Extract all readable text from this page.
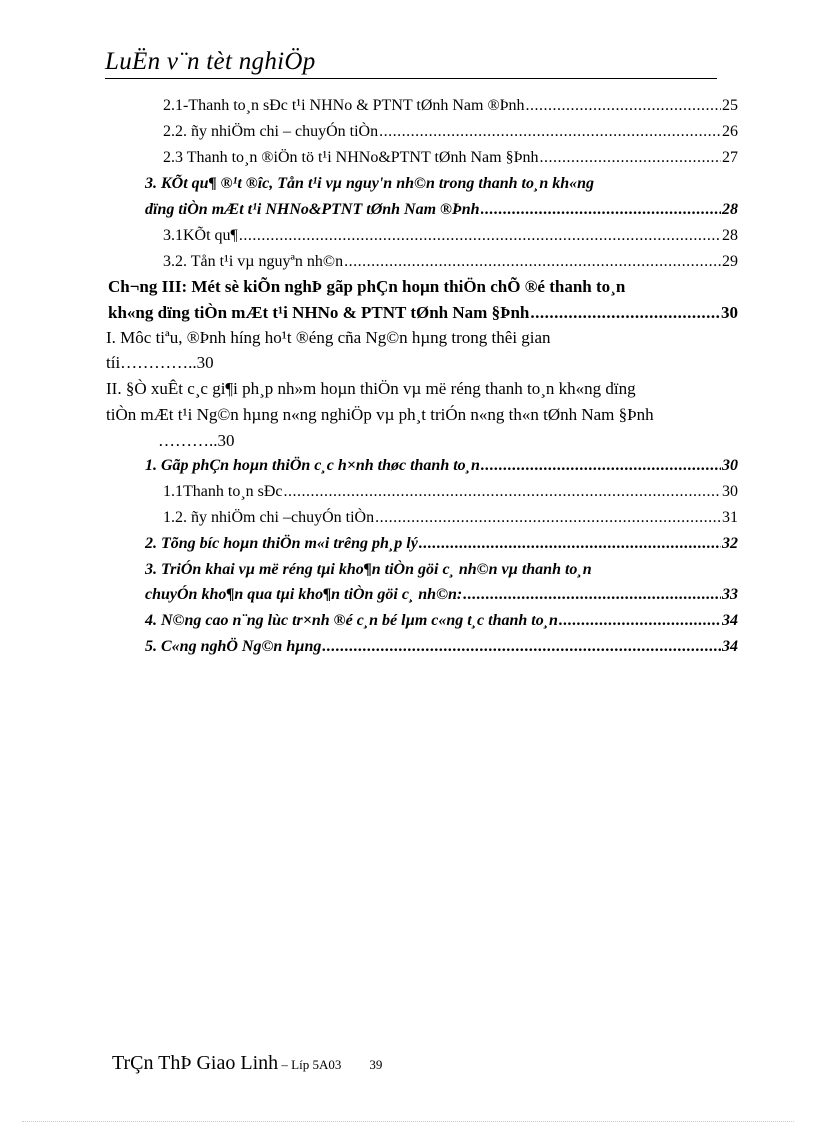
LuËn v¨n tèt nghiÖp
2.1-Thanh to¸n sÐc t¹i NHNo & PTNT tØnh Nam ®Þnh .....	25
2.2. ñy nhiÖm chi – chuyÓn tiÒn .....	26
2.3 Thanh to¸n ®iÖn tö t¹i NHNo&PTNT tØnh Nam §Þnh .....	27
3. KÕt qu¶ ®¹t ®îc, Tån t¹i vµ nguy'n nh©n trong thanh to¸n kh«ng
dïng tiÒn mÆt t¹i NHNo&PTNT tØnh Nam ®Þnh .....	28
3.1KÕt qu¶ .....	28
3.2. Tån t¹i vµ nguyªn nh©n .....	29
Ch¬ng III: Mét sè kiÕn nghÞ gãp phÇn hoµn thiÖn chÕ ®é thanh to¸n
kh«ng dïng tiÒn mÆt t¹i NHNo & PTNT tØnh Nam §Þnh .....	30
I. Môc tiªu, ®Þnh híng ho¹t ®éng cña Ng©n hµng trong thêi gian
tíi…………..30
II. §Ò xuÊt c¸c gi¶i ph¸p nh»m hoµn thiÖn vµ më réng thanh to¸n kh«ng dïng
tiÒn mÆt t¹i Ng©n hµng n«ng nghiÖp vµ ph¸t triÓn n«ng th«n tØnh Nam §Þnh
………..30
1. Gãp phÇn hoµn thiÖn c¸c h×nh thøc thanh to¸n .....	30
1.1Thanh to¸n sÐc .....	30
1.2. ñy nhiÖm chi –chuyÓn tiÒn .....	31
2. Tõng bíc hoµn thiÖn m«i trêng ph¸p lý .....	32
3. TriÓn khai vµ më réng tµi kho¶n tiÒn göi c¸ nh©n vµ thanh to¸n
chuyÓn kho¶n qua tµi kho¶n tiÒn göi c¸ nh©n: .....	33
4. N©ng cao n¨ng lùc tr×nh ®é c¸n bé lµm c«ng t¸c thanh to¸n .....	34
5. C«ng nghÖ Ng©n hµng .....	34
TrÇn ThÞ Giao Linh – Líp 5A03 39
